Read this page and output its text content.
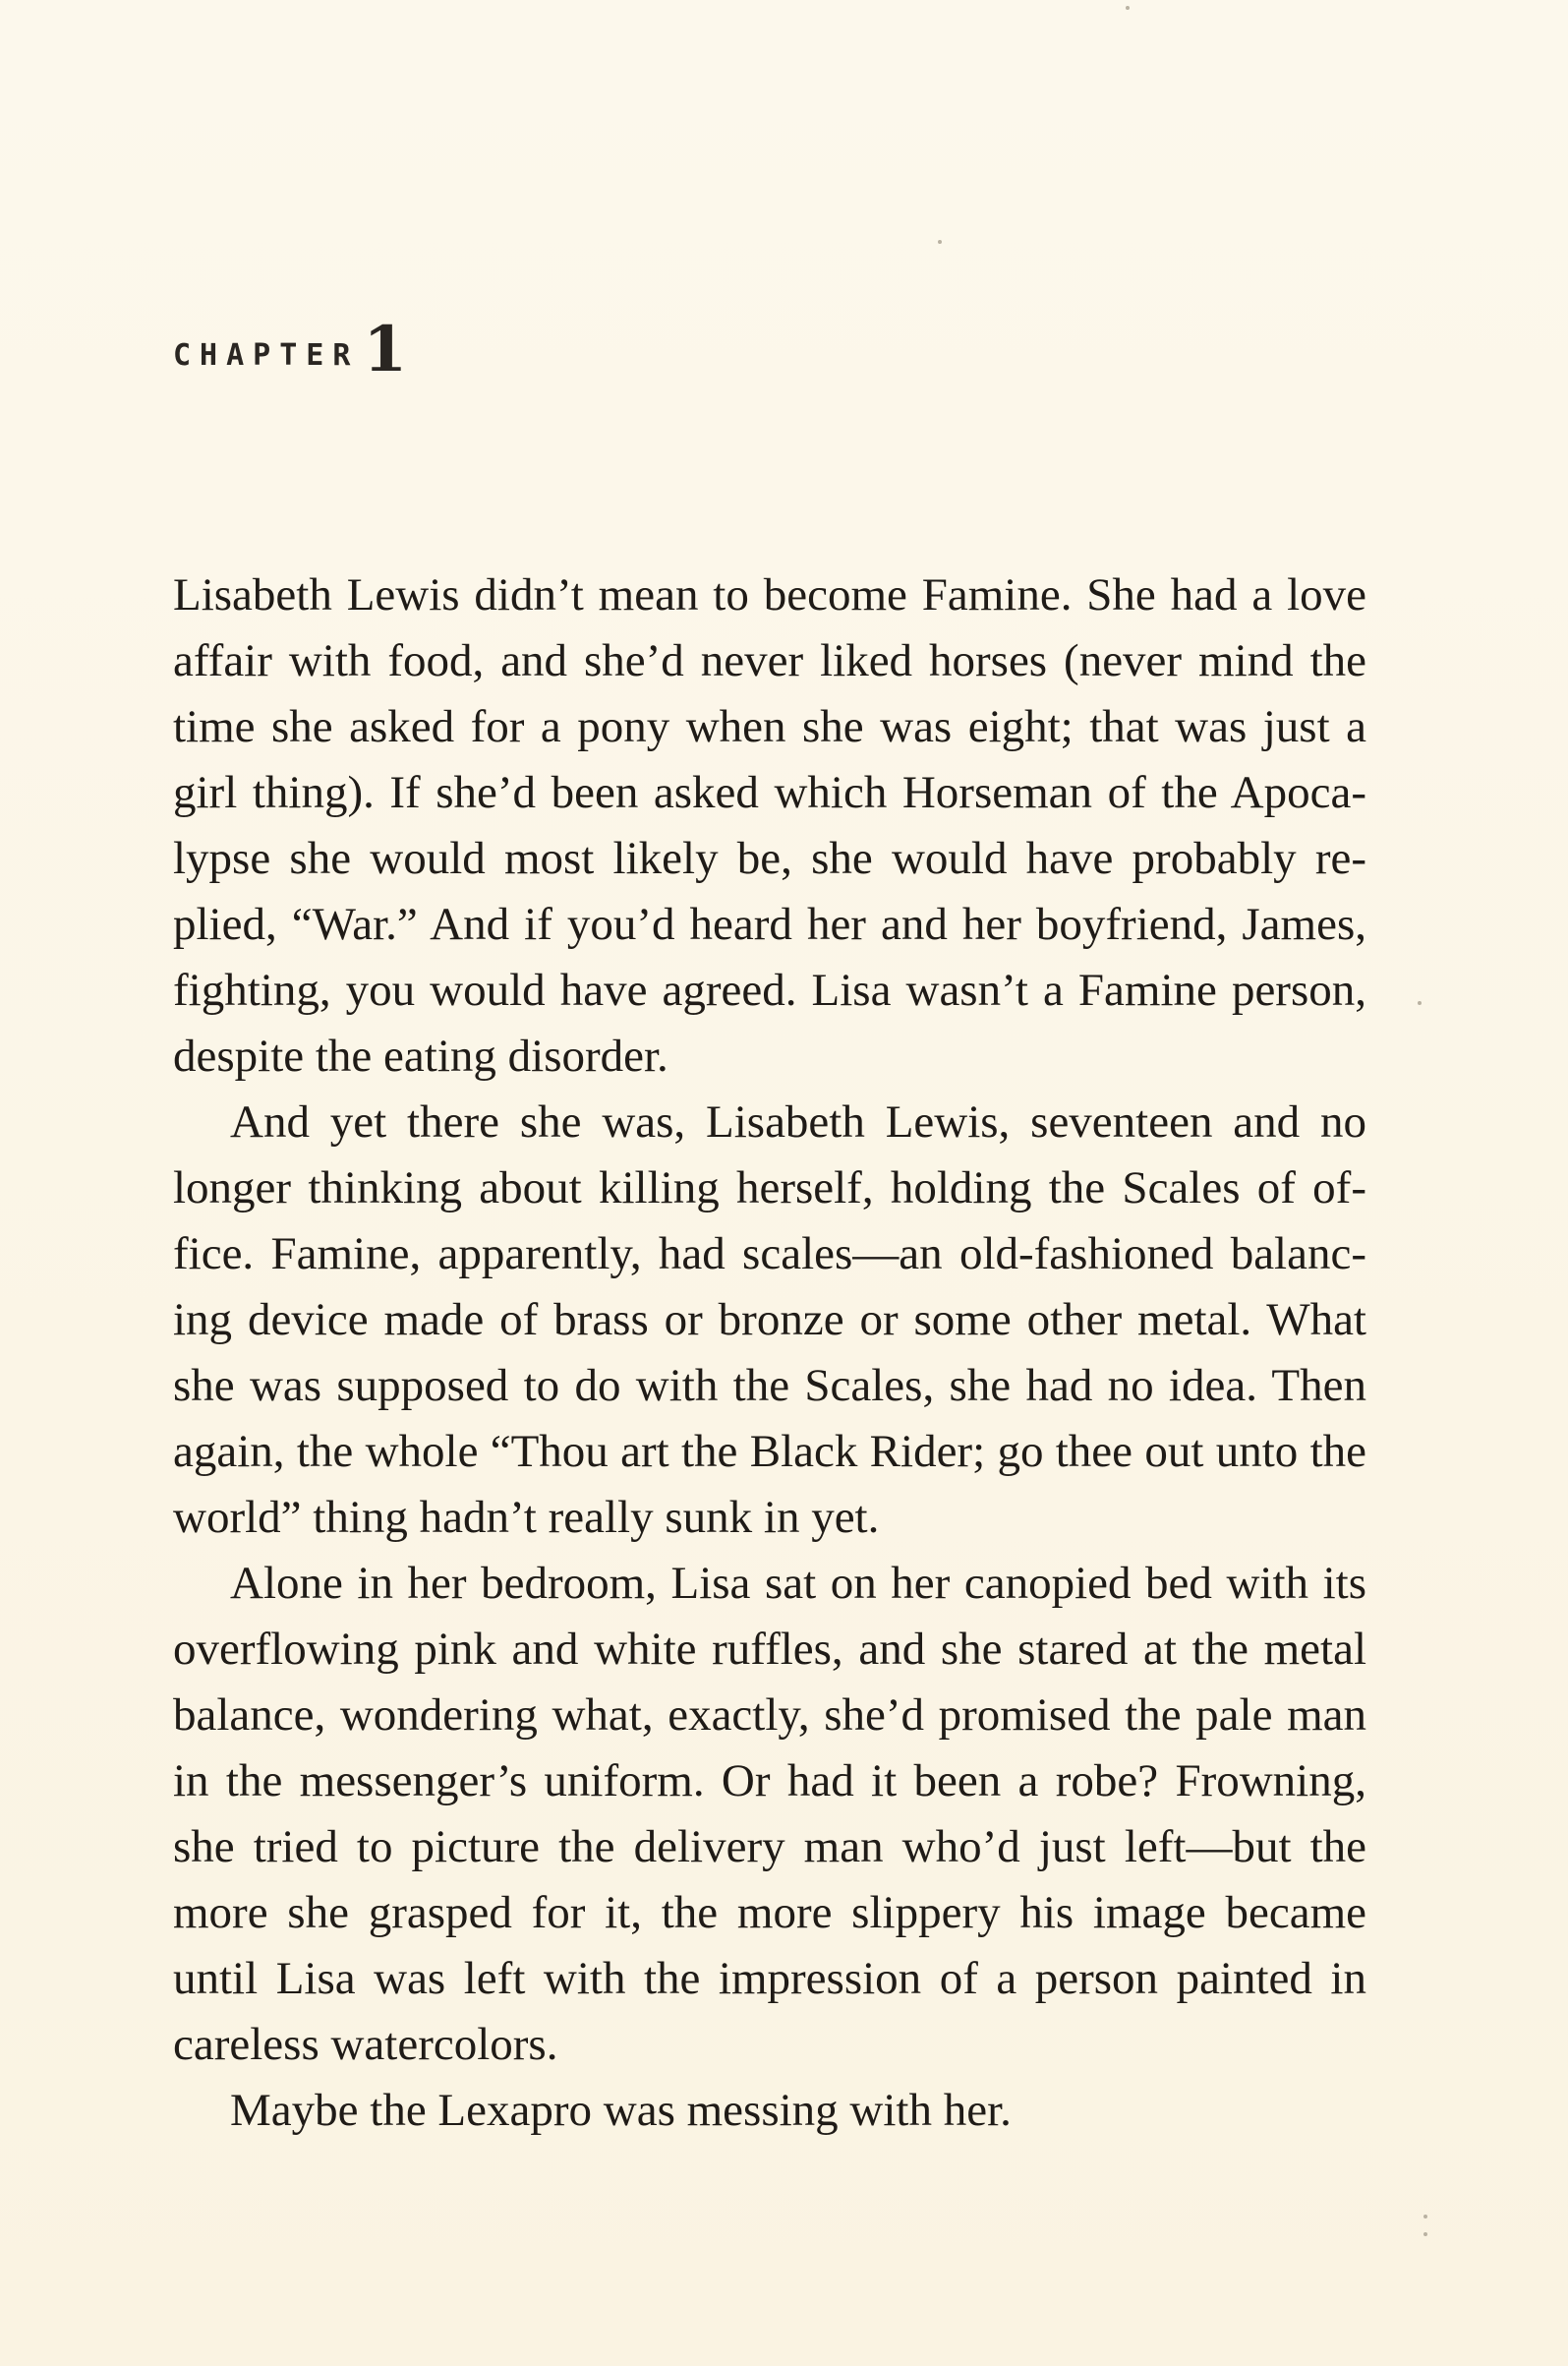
CHAPTER1

Lisabeth Lewis didn’t mean to become Famine. She had a love affair with food, and she’d never liked horses (never mind the time she asked for a pony when she was eight; that was just a girl thing). If she’d been asked which Horseman of the Apocalypse she would most likely be, she would have probably replied, “War.” And if you’d heard her and her boyfriend, James, fighting, you would have agreed. Lisa wasn’t a Famine person, despite the eating disorder.

And yet there she was, Lisabeth Lewis, seventeen and no longer thinking about killing herself, holding the Scales of office. Famine, apparently, had scales—an old-fashioned balancing device made of brass or bronze or some other metal. What she was supposed to do with the Scales, she had no idea. Then again, the whole “Thou art the Black Rider; go thee out unto the world” thing hadn’t really sunk in yet.

Alone in her bedroom, Lisa sat on her canopied bed with its overflowing pink and white ruffles, and she stared at the metal balance, wondering what, exactly, she’d promised the pale man in the messenger’s uniform. Or had it been a robe? Frowning, she tried to picture the delivery man who’d just left—but the more she grasped for it, the more slippery his image became until Lisa was left with the impression of a person painted in careless watercolors.

Maybe the Lexapro was messing with her.
